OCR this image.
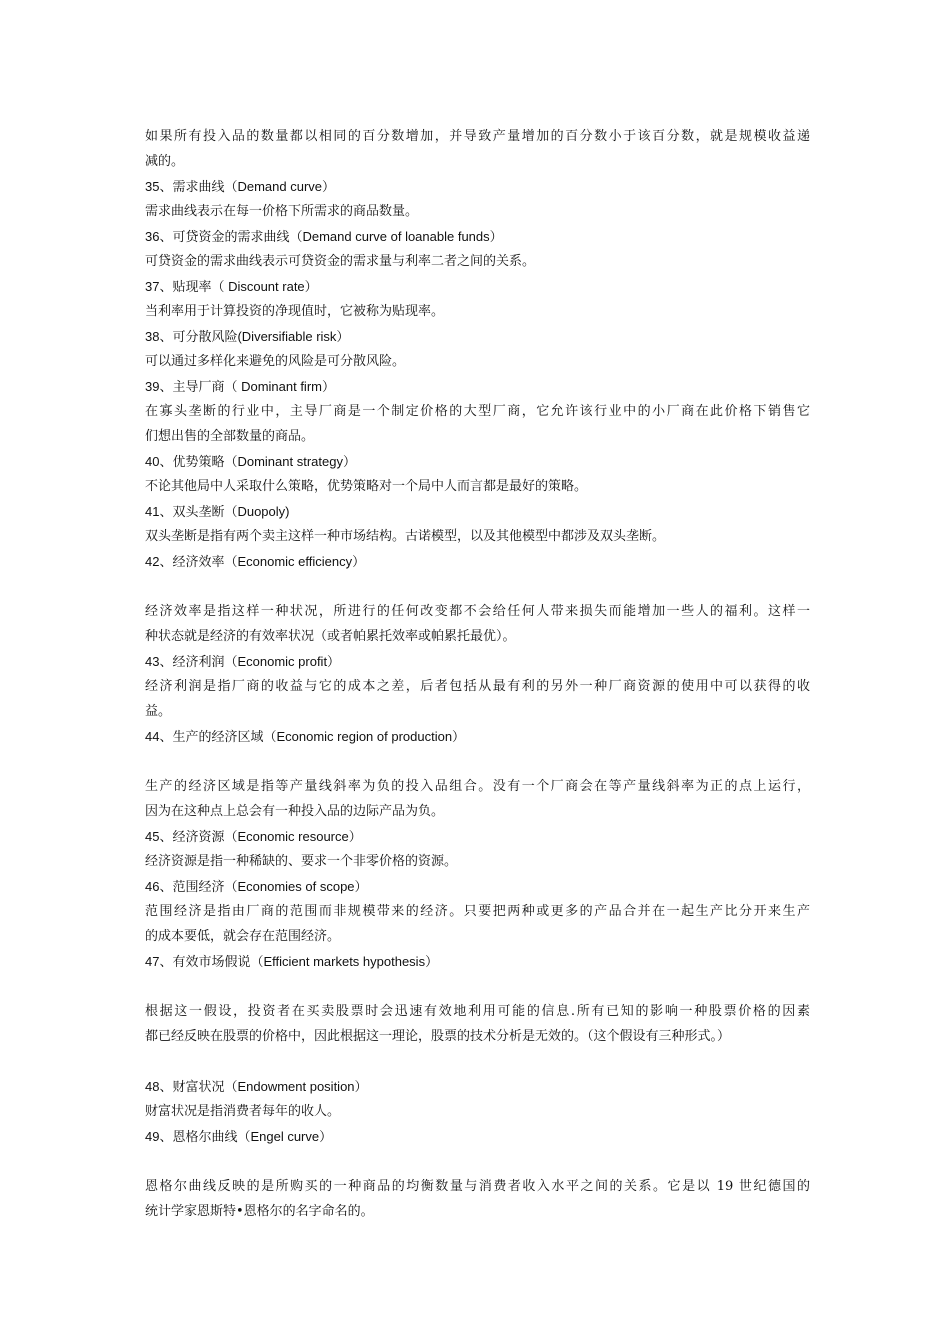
如果所有投入品的数量都以相同的百分数增加，并导致产量增加的百分数小于该百分数，就是规模收益递
减的。
35、需求曲线（Demand curve）
需求曲线表示在每一价格下所需求的商品数量。
36、可贷资金的需求曲线（Demand curve of loanable funds）
可贷资金的需求曲线表示可贷资金的需求量与利率二者之间的关系。
37、贴现率（ Discount rate）
当利率用于计算投资的净现值时，它被称为贴现率。
38、可分散风险(Diversifiable risk）
可以通过多样化来避免的风险是可分散风险。
39、主导厂商（ Dominant firm）
在寡头垄断的行业中，主导厂商是一个制定价格的大型厂商，它允许该行业中的小厂商在此价格下销售它
们想出售的全部数量的商品。
40、优势策略（Dominant strategy）
不论其他局中人采取什么策略，优势策略对一个局中人而言都是最好的策略。
41、双头垄断（Duopoly)
双头垄断是指有两个卖主这样一种市场结构。古诺模型，以及其他模型中都涉及双头垄断。
42、经济效率（Economic efficiency）
经济效率是指这样一种状况，所进行的任何改变都不会给任何人带来损失而能增加一些人的福利。这样一
种状态就是经济的有效率状况（或者帕累托效率或帕累托最优）。
43、经济利润（Economic profit）
经济利润是指厂商的收益与它的成本之差，后者包括从最有利的另外一种厂商资源的使用中可以获得的收
益。
44、生产的经济区域（Economic region of production）
生产的经济区域是指等产量线斜率为负的投入品组合。没有一个厂商会在等产量线斜率为正的点上运行，
因为在这种点上总会有一种投入品的边际产品为负。
45、经济资源（Economic resource）
经济资源是指一种稀缺的、要求一个非零价格的资源。
46、范围经济（Economies of scope）
范围经济是指由厂商的范围而非规模带来的经济。只要把两种或更多的产品合并在一起生产比分开来生产
的成本要低，就会存在范围经济。
47、有效市场假说（Efficient markets hypothesis）
根据这一假设，投资者在买卖股票时会迅速有效地利用可能的信息.所有已知的影响一种股票价格的因素
都已经反映在股票的价格中，因此根据这一理论，股票的技术分析是无效的。（这个假设有三种形式。）
48、财富状况（Endowment position）
财富状况是指消费者每年的收人。
49、恩格尔曲线（Engel curve）
恩格尔曲线反映的是所购买的一种商品的均衡数量与消费者收入水平之间的关系。它是以 19 世纪德国的
统计学家恩斯特•恩格尔的名字命名的。
